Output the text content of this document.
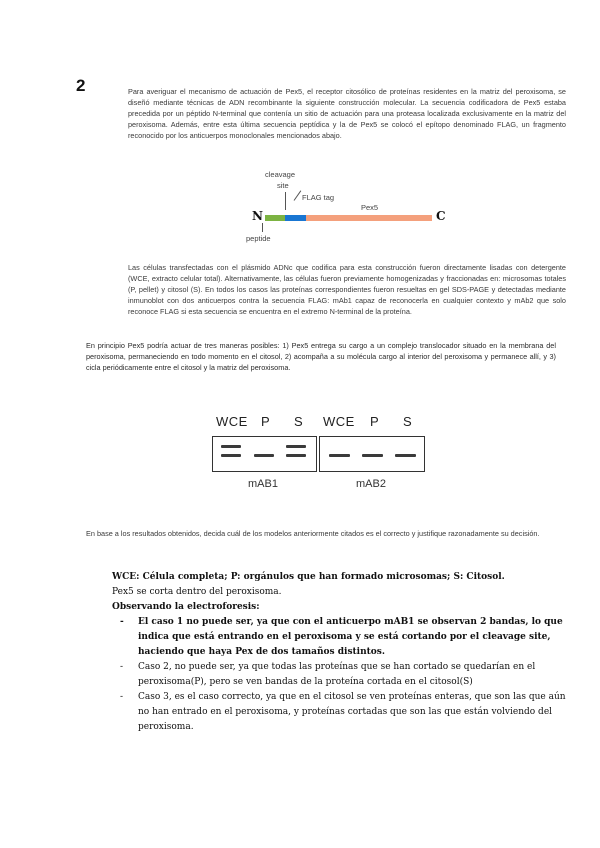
2	Para averiguar el mecanismo de actuación de Pex5, el receptor citosólico de proteínas residentes en la matriz del peroxisoma, se diseñó mediante técnicas de ADN recombinante la siguiente construcción molecular. La secuencia codificadora de Pex5 estaba precedida por un péptido N-terminal que contenía un sitio de actuación para una proteasa localizada exclusivamente en la matriz del peroxisoma. Además, entre esta última secuencia peptídica y la de Pex5 se colocó el epítopo denominado FLAG, un fragmento reconocido por los anticuerpos monoclonales mencionados abajo.
cleavage
site
FLAG tag
Pex5
N	C
peptide
Las células transfectadas con el plásmido ADNc que codifica para esta construcción fueron directamente lisadas con detergente (WCE, extracto celular total). Alternativamente, las células fueron previamente homogenizadas y fraccionadas en: microsomas totales (P, pellet) y citosol (S). En todos los casos las proteínas correspondientes fueron resueltas en gel SDS-PAGE y detectadas mediante inmunoblot con dos anticuerpos contra la secuencia FLAG: mAb1 capaz de reconocerla en cualquier contexto y mAb2 que solo reconoce FLAG si esta secuencia se encuentra en el extremo N-terminal de la proteína.
En principio Pex5 podría actuar de tres maneras posibles: 1) Pex5 entrega su cargo a un complejo translocador situado en la membrana del peroxisoma, permaneciendo en todo momento en el citosol, 2) acompaña a su molécula cargo al interior del peroxisoma y permanece allí, y 3) cicla periódicamente entre el citosol y la matriz del peroxisoma.
WCE P S WCE P S
mAB1	mAB2
En base a los resultados obtenidos, decida cuál de los modelos anteriormente citados es el correcto y justifique razonadamente su decisión.

WCE: Célula completa; P: orgánulos que han formado microsomas; S: Citosol.

Pex5 se corta dentro del peroxisoma.

Observando la electroforesis:

- El caso 1 no puede ser, ya que con el anticuerpo mAB1 se observan 2 bandas, lo que indica que está entrando en el peroxisoma y se está cortando por el cleavage site, haciendo que haya Pex de dos tamaños distintos.
- Caso 2, no puede ser, ya que todas las proteínas que se han cortado se quedarían en el peroxisoma(P), pero se ven bandas de la proteína cortada en el citosol(S)
- Caso 3, es el caso correcto, ya que en el citosol se ven proteínas enteras, que son las que aún no han entrado en el peroxisoma, y proteínas cortadas que son las que están volviendo del peroxisoma.
